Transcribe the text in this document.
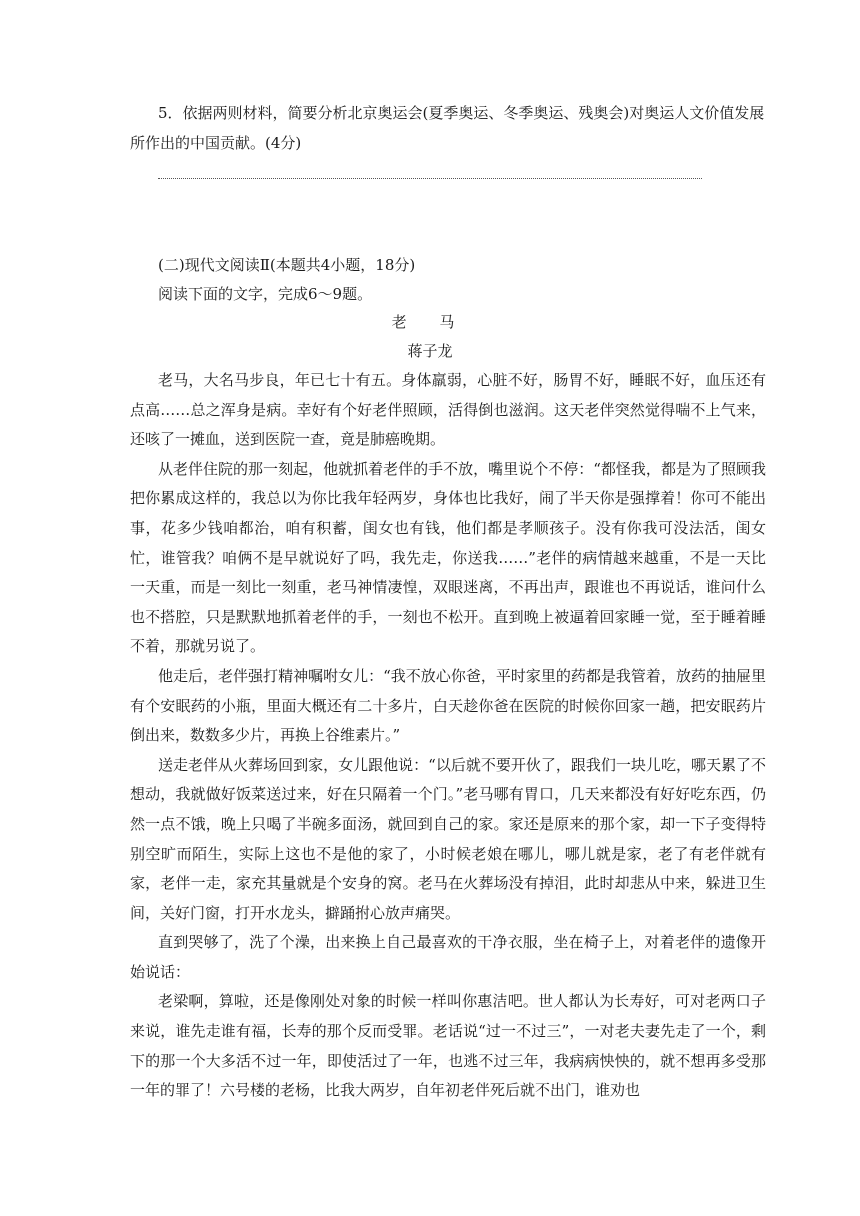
5．依据两则材料，简要分析北京奥运会(夏季奥运、冬季奥运、残奥会)对奥运人文价值发展所作出的中国贡献。(4分)

(二)现代文阅读Ⅱ(本题共4小题，18分)

阅读下面的文字，完成6～9题。

老 马

蒋子龙

老马，大名马步良，年已七十有五。身体羸弱，心脏不好，肠胃不好，睡眠不好，血压还有点高……总之浑身是病。幸好有个好老伴照顾，活得倒也滋润。这天老伴突然觉得喘不上气来，还咳了一摊血，送到医院一查，竟是肺癌晚期。

从老伴住院的那一刻起，他就抓着老伴的手不放，嘴里说个不停：“都怪我，都是为了照顾我把你累成这样的，我总以为你比我年轻两岁，身体也比我好，闹了半天你是强撑着！你可不能出事，花多少钱咱都治，咱有积蓄，闺女也有钱，他们都是孝顺孩子。没有你我可没法活，闺女忙，谁管我？咱俩不是早就说好了吗，我先走，你送我……”老伴的病情越来越重，不是一天比一天重，而是一刻比一刻重，老马神情凄惶，双眼迷离，不再出声，跟谁也不再说话，谁问什么也不搭腔，只是默默地抓着老伴的手，一刻也不松开。直到晚上被逼着回家睡一觉，至于睡着睡不着，那就另说了。

他走后，老伴强打精神嘱咐女儿：“我不放心你爸，平时家里的药都是我管着，放药的抽屉里有个安眠药的小瓶，里面大概还有二十多片，白天趁你爸在医院的时候你回家一趟，把安眠药片倒出来，数数多少片，再换上谷维素片。”

送走老伴从火葬场回到家，女儿跟他说：“以后就不要开伙了，跟我们一块儿吃，哪天累了不想动，我就做好饭菜送过来，好在只隔着一个门。”老马哪有胃口，几天来都没有好好吃东西，仍然一点不饿，晚上只喝了半碗多面汤，就回到自己的家。家还是原来的那个家，却一下子变得特别空旷而陌生，实际上这也不是他的家了，小时候老娘在哪儿，哪儿就是家，老了有老伴就有家，老伴一走，家充其量就是个安身的窝。老马在火葬场没有掉泪，此时却悲从中来，躲进卫生间，关好门窗，打开水龙头，擗踊拊心放声痛哭。

直到哭够了，洗了个澡，出来换上自己最喜欢的干净衣服，坐在椅子上，对着老伴的遗像开始说话：

老梁啊，算啦，还是像刚处对象的时候一样叫你惠洁吧。世人都认为长寿好，可对老两口子来说，谁先走谁有福，长寿的那个反而受罪。老话说“过一不过三”，一对老夫妻先走了一个，剩下的那一个大多活不过一年，即使活过了一年，也逃不过三年，我病病怏怏的，就不想再多受那一年的罪了！六号楼的老杨，比我大两岁，自年初老伴死后就不出门，谁劝也
